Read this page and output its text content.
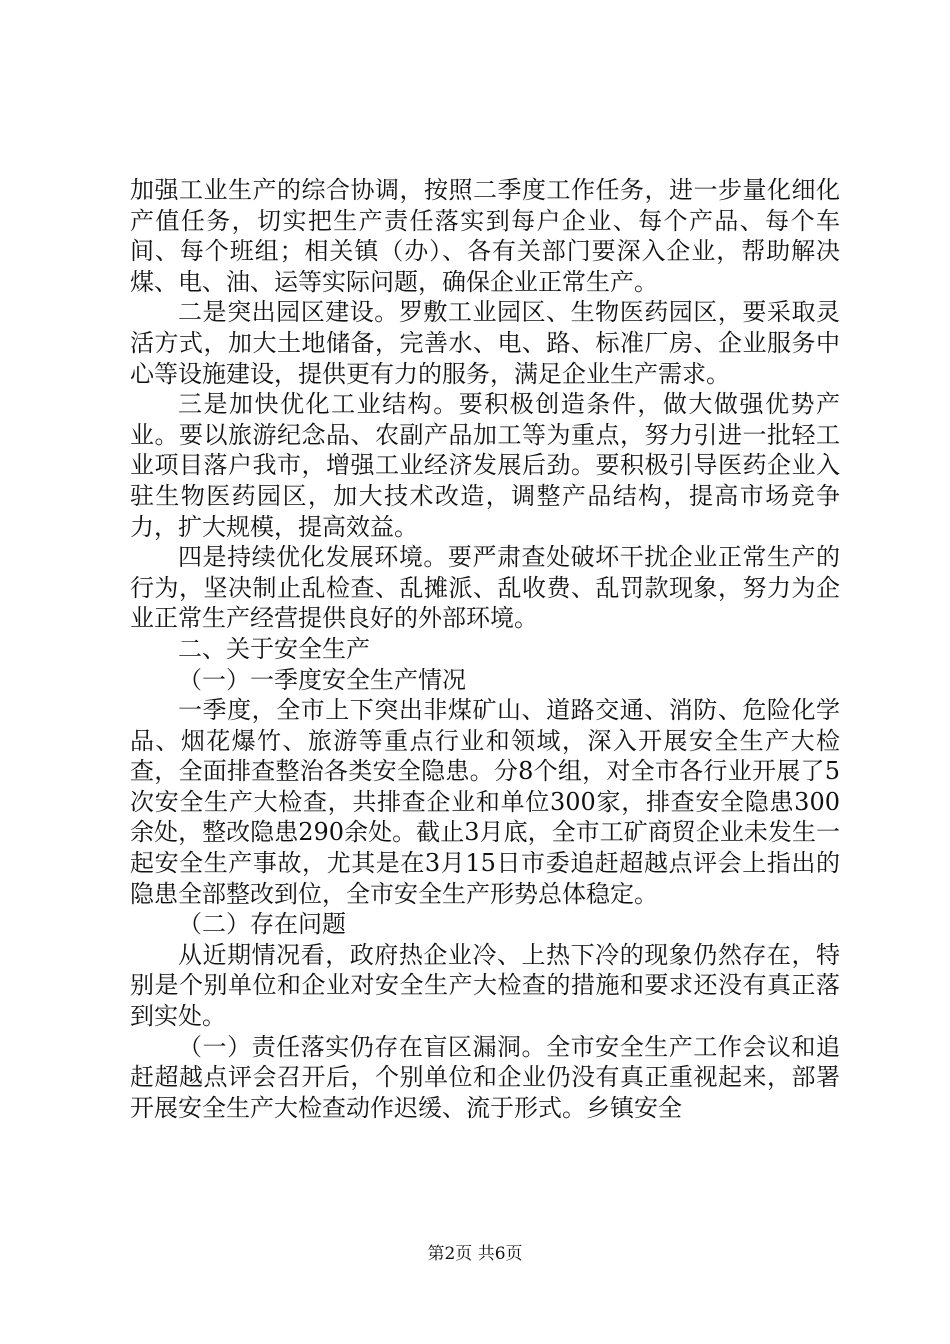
加强工业生产的综合协调，按照二季度工作任务，进一步量化细化产值任务，切实把生产责任落实到每户企业、每个产品、每个车间、每个班组；相关镇（办）、各有关部门要深入企业，帮助解决煤、电、油、运等实际问题，确保企业正常生产。

二是突出园区建设。罗敷工业园区、生物医药园区，要采取灵活方式，加大土地储备，完善水、电、路、标准厂房、企业服务中心等设施建设，提供更有力的服务，满足企业生产需求。

三是加快优化工业结构。要积极创造条件，做大做强优势产业。要以旅游纪念品、农副产品加工等为重点，努力引进一批轻工业项目落户我市，增强工业经济发展后劲。要积极引导医药企业入驻生物医药园区，加大技术改造，调整产品结构，提高市场竞争力，扩大规模，提高效益。

四是持续优化发展环境。要严肃查处破坏干扰企业正常生产的行为，坚决制止乱检查、乱摊派、乱收费、乱罚款现象，努力为企业正常生产经营提供良好的外部环境。

二、关于安全生产

（一）一季度安全生产情况

一季度，全市上下突出非煤矿山、道路交通、消防、危险化学品、烟花爆竹、旅游等重点行业和领域，深入开展安全生产大检查，全面排查整治各类安全隐患。分8个组，对全市各行业开展了5次安全生产大检查，共排查企业和单位300家，排查安全隐患300余处，整改隐患290余处。截止3月底，全市工矿商贸企业未发生一起安全生产事故，尤其是在3月15日市委追赶超越点评会上指出的隐患全部整改到位，全市安全生产形势总体稳定。

（二）存在问题

从近期情况看，政府热企业冷、上热下冷的现象仍然存在，特别是个别单位和企业对安全生产大检查的措施和要求还没有真正落到实处。

（一）责任落实仍存在盲区漏洞。全市安全生产工作会议和追赶超越点评会召开后，个别单位和企业仍没有真正重视起来，部署开展安全生产大检查动作迟缓、流于形式。乡镇安全

第2页 共6页
